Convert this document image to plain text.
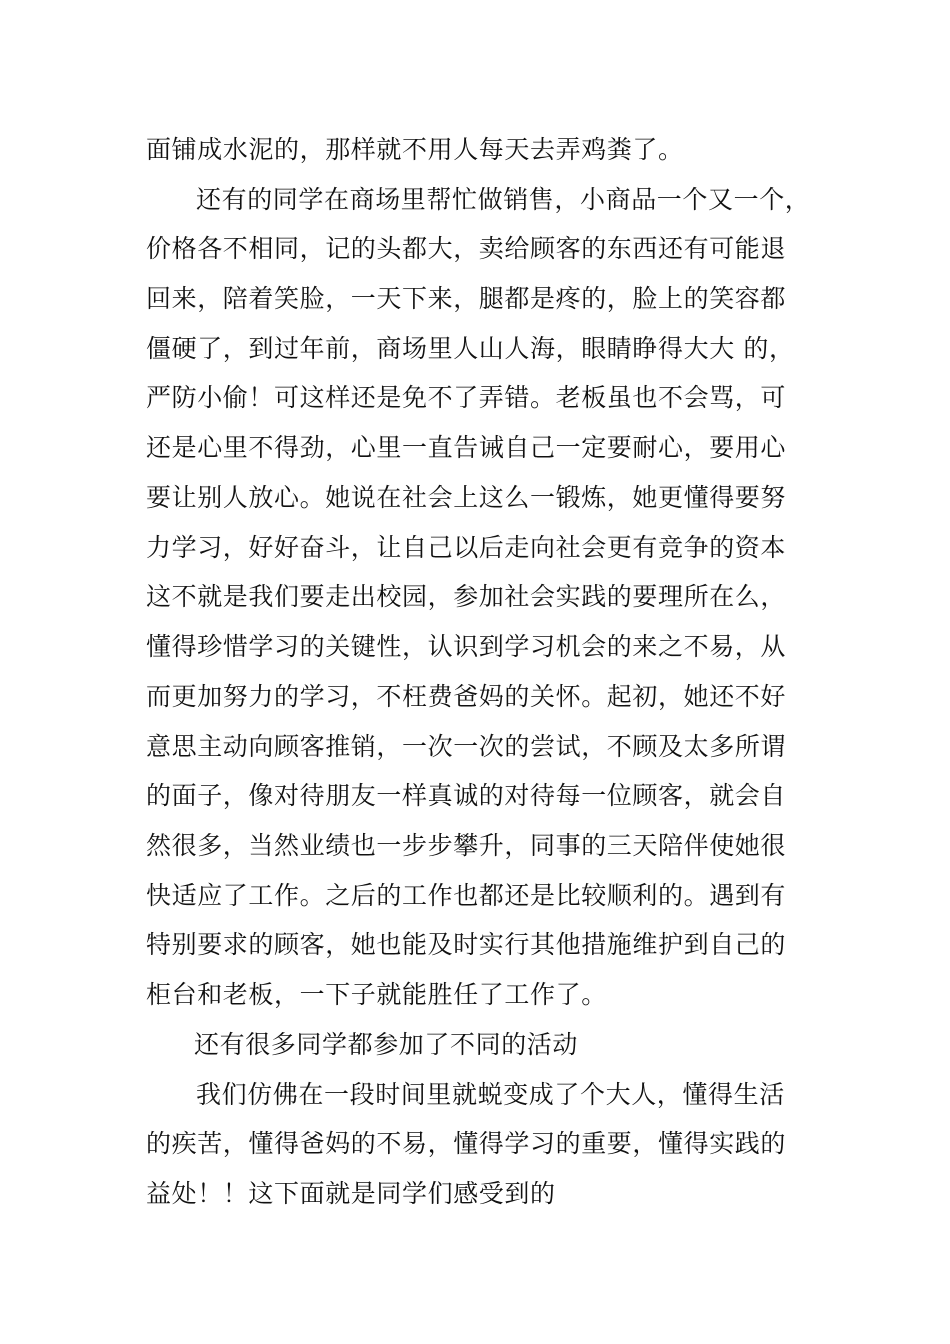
面铺成水泥的，那样就不用人每天去弄鸡粪了。
还有的同学在商场里帮忙做销售，小商品一个又一个，
价格各不相同，记的头都大，卖给顾客的东西还有可能退
回来，陪着笑脸，一天下来，腿都是疼的，脸上的笑容都
僵硬了，到过年前，商场里人山人海，眼睛睁得大大 的，
严防小偷！可这样还是免不了弄错。老板虽也不会骂，可
还是心里不得劲，心里一直告诫自己一定要耐心，要用心
要让别人放心。她说在社会上这么一锻炼，她更懂得要努
力学习，好好奋斗，让自己以后走向社会更有竞争的资本
这不就是我们要走出校园，参加社会实践的要理所在么，
懂得珍惜学习的关键性，认识到学习机会的来之不易，从
而更加努力的学习，不枉费爸妈的关怀。起初，她还不好
意思主动向顾客推销，一次一次的尝试，不顾及太多所谓
的面子，像对待朋友一样真诚的对待每一位顾客，就会自
然很多，当然业绩也一步步攀升，同事的三天陪伴使她很
快适应了工作。之后的工作也都还是比较顺利的。遇到有
特别要求的顾客，她也能及时实行其他措施维护到自己的
柜台和老板，一下子就能胜任了工作了。
还有很多同学都参加了不同的活动
我们仿佛在一段时间里就蜕变成了个大人，懂得生活
的疾苦，懂得爸妈的不易，懂得学习的重要，懂得实践的
益处！！这下面就是同学们感受到的
